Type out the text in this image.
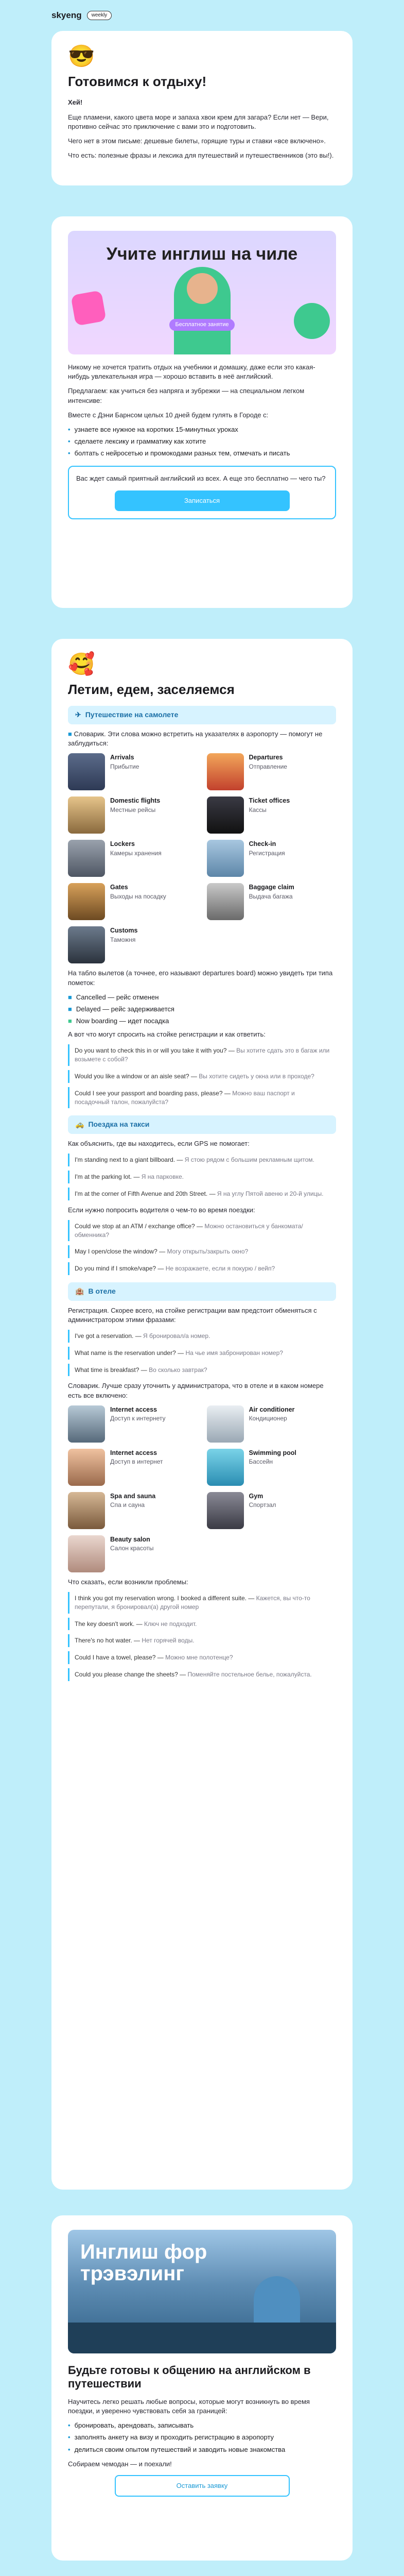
skyeng	weekly
😎
Готовимся к отдыху!

Хей!

Еще пламени, какого цвета море и запаха хвои крем для загара? Если нет — Вери, противно сейчас это приключение с вами это и подготовить.

Чего нет в этом письме: дешевые билеты, горящие туры и ставки «все включено».

Что есть: полезные фразы и лексика для путешествий и путешественников (это вы!).

Учите инглиш на чиле
Бесплатное занятие

Никому не хочется тратить отдых на учебники и домашку, даже если это какая-нибудь увлекательная игра — хорошо вставить в неё английский.

Предлагаем: как учиться без напряга и зубрежки — на специальном легком интенсиве:

Вместе с Дэни Барнсом целых 10 дней будем гулять в Городе с:

• узнаете все нужное на коротких 15-минутных уроках
• сделаете лексику и грамматику как хотите
• болтать с нейросетью и промокодами разных тем, отмечать и писать

Вас ждет самый приятный английский из всех. А еще это бесплатно — чего ты?

Записаться
🥰
Летим, едем, заселяемся
✈ Путешествие на самолете

■ Словарик. Эти слова можно встретить на указателях в аэропорту — помогут не заблудиться:

Arrivals
Прибытие
Departures
Отправление
Domestic flights
Местные рейсы
Ticket offices
Кассы
Lockers
Камеры хранения
Check-in
Регистрация
Gates
Выходы на посадку
Baggage claim
Выдача багажа
Customs
Таможня

На табло вылетов (а точнее, его называют departures board) можно увидеть три типа пометок:

■ Cancelled — рейс отменен
■ Delayed — рейс задерживается
■ Now boarding — идет посадка

А вот что могут спросить на стойке регистрации и как ответить:

Do you want to check this in or will you take it with you? — Вы хотите сдать это в багаж или возьмете с собой?
Would you like a window or an aisle seat? — Вы хотите сидеть у окна или в проходе?
Could I see your passport and boarding pass, please? — Можно ваш паспорт и посадочный талон, пожалуйста?
🚕 Поездка на такси

Как объяснить, где вы находитесь, если GPS не помогает:

I'm standing next to a giant billboard. — Я стою рядом с большим рекламным щитом.
I'm at the parking lot. — Я на парковке.
I'm at the corner of Fifth Avenue and 20th Street. — Я на углу Пятой авеню и 20-й улицы.

Если нужно попросить водителя о чем-то во время поездки:

Could we stop at an ATM / exchange office? — Можно остановиться у банкомата/обменника?
May I open/close the window? — Могу открыть/закрыть окно?
Do you mind if I smoke/vape? — Не возражаете, если я покурю / вейп?
🏨 В отеле

Регистрация. Скорее всего, на стойке регистрации вам предстоит обменяться с администратором этими фразами:

I've got a reservation. — Я бронировал/а номер.
What name is the reservation under? — На чье имя забронирован номер?
What time is breakfast? — Во сколько завтрак?

Словарик. Лучше сразу уточнить у администратора, что в отеле и в каком номере есть все включено:

Internet access
Доступ к интернету
Air conditioner
Кондиционер
Internet access
Доступ в интернет
Swimming pool
Бассейн
Spa and sauna
Спа и сауна
Gym
Спортзал
Beauty salon
Салон красоты

Что сказать, если возникли проблемы:

I think you got my reservation wrong. I booked a different suite. — Кажется, вы что-то перепутали, я бронировал(а) другой номер
The key doesn't work. — Ключ не подходит.
There's no hot water. — Нет горячей воды.
Could I have a towel, please? — Можно мне полотенце?
Could you please change the sheets? — Поменяйте постельное белье, пожалуйста.
Инглиш фор трэвэлинг
Будьте готовы к общению на английском в путешествии

Научитесь легко решать любые вопросы, которые могут возникнуть во время поездки, и уверенно чувствовать себя за границей:

• бронировать, арендовать, записывать
• заполнять анкету на визу и проходить регистрацию в аэропорту
• делиться своим опытом путешествий и заводить новые знакомства

Собираем чемодан — и поехали!

Оставить заявку
